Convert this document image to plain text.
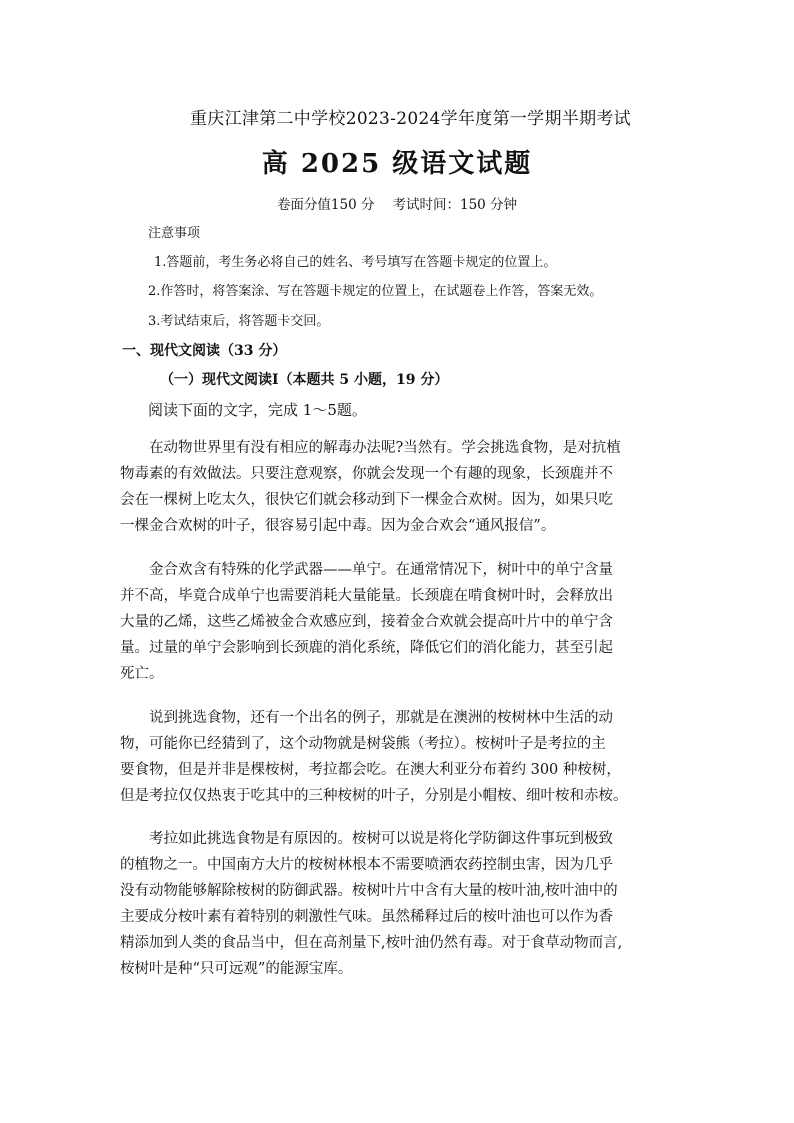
重庆江津第二中学校2023-2024学年度第一学期半期考试
高 2025 级语文试题
卷面分值150 分 考试时间：150 分钟
注意事项
1.答题前，考生务必将自己的姓名、考号填写在答题卡规定的位置上。
2.作答时，将答案涂、写在答题卡规定的位置上，在试题卷上作答，答案无效。
3.考试结束后，将答题卡交回。
一、现代文阅读（33 分）
（一）现代文阅读Ⅰ（本题共 5 小题，19 分）
阅读下面的文字，完成 1～5题。
在动物世界里有没有相应的解毒办法呢?当然有。学会挑选食物，是对抗植
物毒素的有效做法。只要注意观察，你就会发现一个有趣的现象，长颈鹿并不
会在一棵树上吃太久，很快它们就会移动到下一棵金合欢树。因为，如果只吃
一棵金合欢树的叶子，很容易引起中毒。因为金合欢会“通风报信”。
金合欢含有特殊的化学武器——单宁。在通常情况下，树叶中的单宁含量
并不高，毕竟合成单宁也需要消耗大量能量。长颈鹿在啃食树叶时，会释放出
大量的乙烯，这些乙烯被金合欢感应到，接着金合欢就会提高叶片中的单宁含
量。过量的单宁会影响到长颈鹿的消化系统，降低它们的消化能力，甚至引起
死亡。
说到挑选食物，还有一个出名的例子，那就是在澳洲的桉树林中生活的动
物，可能你已经猜到了，这个动物就是树袋熊（考拉）。桉树叶子是考拉的主
要食物，但是并非是棵桉树，考拉都会吃。在澳大利亚分布着约 300 种桉树，
但是考拉仅仅热衷于吃其中的三种桉树的叶子，分别是小帽桉、细叶桉和赤桉。
考拉如此挑选食物是有原因的。桉树可以说是将化学防御这件事玩到极致
的植物之一。中国南方大片的桉树林根本不需要喷洒农药控制虫害，因为几乎
没有动物能够解除桉树的防御武器。桉树叶片中含有大量的桉叶油,桉叶油中的
主要成分桉叶素有着特别的刺激性气味。虽然稀释过后的桉叶油也可以作为香
精添加到人类的食品当中，但在高剂量下,桉叶油仍然有毒。对于食草动物而言,
桉树叶是种“只可远观”的能源宝库。
